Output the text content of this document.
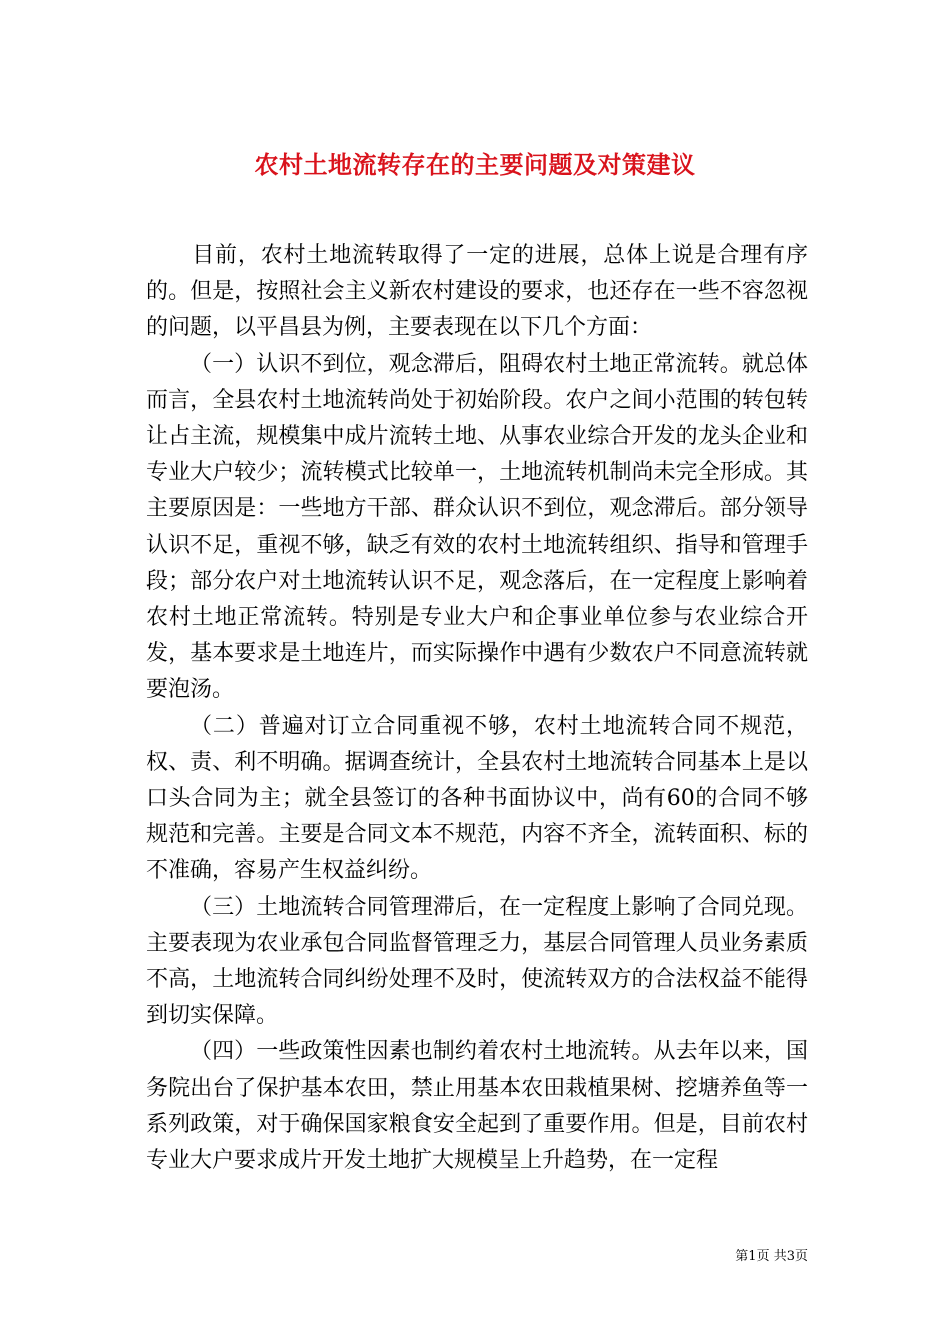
农村土地流转存在的主要问题及对策建议

目前，农村土地流转取得了一定的进展，总体上说是合理有序的。但是，按照社会主义新农村建设的要求，也还存在一些不容忽视的问题，以平昌县为例，主要表现在以下几个方面：

（一）认识不到位，观念滞后，阻碍农村土地正常流转。就总体而言，全县农村土地流转尚处于初始阶段。农户之间小范围的转包转让占主流，规模集中成片流转土地、从事农业综合开发的龙头企业和专业大户较少；流转模式比较单一，土地流转机制尚未完全形成。其主要原因是：一些地方干部、群众认识不到位，观念滞后。部分领导认识不足，重视不够，缺乏有效的农村土地流转组织、指导和管理手段；部分农户对土地流转认识不足，观念落后，在一定程度上影响着农村土地正常流转。特别是专业大户和企事业单位参与农业综合开发，基本要求是土地连片，而实际操作中遇有少数农户不同意流转就要泡汤。

（二）普遍对订立合同重视不够，农村土地流转合同不规范，权、责、利不明确。据调查统计，全县农村土地流转合同基本上是以口头合同为主；就全县签订的各种书面协议中，尚有60的合同不够规范和完善。主要是合同文本不规范，内容不齐全，流转面积、标的不准确，容易产生权益纠纷。

（三）土地流转合同管理滞后，在一定程度上影响了合同兑现。主要表现为农业承包合同监督管理乏力，基层合同管理人员业务素质不高，土地流转合同纠纷处理不及时，使流转双方的合法权益不能得到切实保障。

（四）一些政策性因素也制约着农村土地流转。从去年以来，国务院出台了保护基本农田，禁止用基本农田栽植果树、挖塘养鱼等一系列政策，对于确保国家粮食安全起到了重要作用。但是，目前农村专业大户要求成片开发土地扩大规模呈上升趋势，在一定程

第1页 共3页
